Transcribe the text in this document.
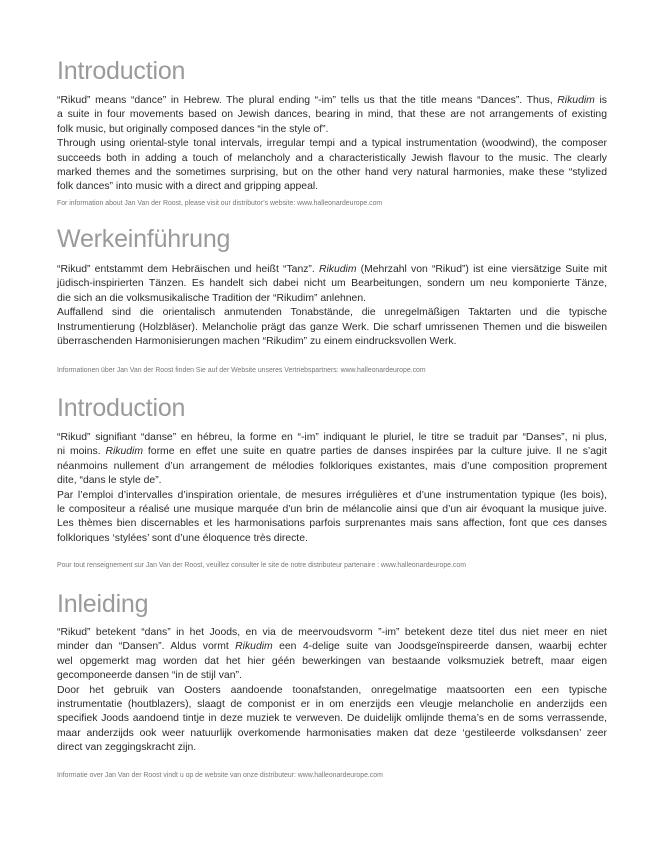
Introduction
“Rikud” means “dance” in Hebrew. The plural ending “-im” tells us that the title means “Dances”. Thus, Rikudim is
a suite in four movements based on Jewish dances, bearing in mind, that these are not arrangements of existing
folk music, but originally composed dances “in the style of”.
Through using oriental-style tonal intervals, irregular tempi and a typical instrumentation (woodwind), the composer
succeeds both in adding a touch of melancholy and a characteristically Jewish flavour to the music. The clearly
marked themes and the sometimes surprising, but on the other hand very natural harmonies, make these “stylized
folk dances” into music with a direct and gripping appeal.
For information about Jan Van der Roost, please visit our distributor’s website: www.halleonardeurope.com
Werkeinführung
“Rikud” entstammt dem Hebräischen und heißt “Tanz”. Rikudim (Mehrzahl von “Rikud”) ist eine viersätzige Suite mit
jüdisch-inspirierten Tänzen. Es handelt sich dabei nicht um Bearbeitungen, sondern um neu komponierte Tänze,
die sich an die volksmusikalische Tradition der “Rikudim” anlehnen.
Auffallend sind die orientalisch anmutenden Tonabstände, die unregelmäßigen Taktarten und die typische
Instrumentierung (Holzbläser). Melancholie prägt das ganze Werk. Die scharf umrissenen Themen und die bisweilen
überraschenden Harmonisierungen machen “Rikudim” zu einem eindrucksvollen Werk.
Informationen über Jan Van der Roost finden Sie auf der Website unseres Vertriebspartners: www.halleonardeurope.com
Introduction
“Rikud” signifiant “danse” en hébreu, la forme en “-im” indiquant le pluriel, le titre se traduit par “Danses”, ni plus,
ni moins. Rikudim forme en effet une suite en quatre parties de danses inspirées par la culture juive. Il ne s’agit
néanmoins nullement d’un arrangement de mélodies folkloriques existantes, mais d’une composition proprement
dite, “dans le style de”.
Par l’emploi d’intervalles d’inspiration orientale, de mesures irrégulières et d’une instrumentation typique (les bois),
le compositeur a réalisé une musique marquée d’un brin de mélancolie ainsi que d’un air évoquant la musique juive.
Les thèmes bien discernables et les harmonisations parfois surprenantes mais sans affection, font que ces danses
folkloriques ‘stylées’ sont d’une éloquence très directe.
Pour tout renseignement sur Jan Van der Roost, veuillez consulter le site de notre distributeur partenaire : www.halleonardeurope.com
Inleiding
“Rikud” betekent “dans” in het Joods, en via de meervoudsvorm ”-im” betekent deze titel dus niet meer en niet
minder dan “Dansen”. Aldus vormt Rikudim een 4-delige suite van Joodsgeïnspireerde dansen, waarbij echter
wel opgemerkt mag worden dat het hier géén bewerkingen van bestaande volksmuziek betreft, maar eigen
gecomponeerde dansen “in de stijl van”.
Door het gebruik van Oosters aandoende toonafstanden, onregelmatige maatsoorten een een typische
instrumentatie (houtblazers), slaagt de componist er in om enerzijds een vleugje melancholie en anderzijds een
specifiek Joods aandoend tintje in deze muziek te verweven. De duidelijk omlijnde thema’s en de soms verrassende,
maar anderzijds ook weer natuurlijk overkomende harmonisaties maken dat deze ‘gestileerde volksdansen’ zeer
direct van zeggingskracht zijn.
Informatie over Jan Van der Roost vindt u op de website van onze distributeur: www.halleonardeurope.com
